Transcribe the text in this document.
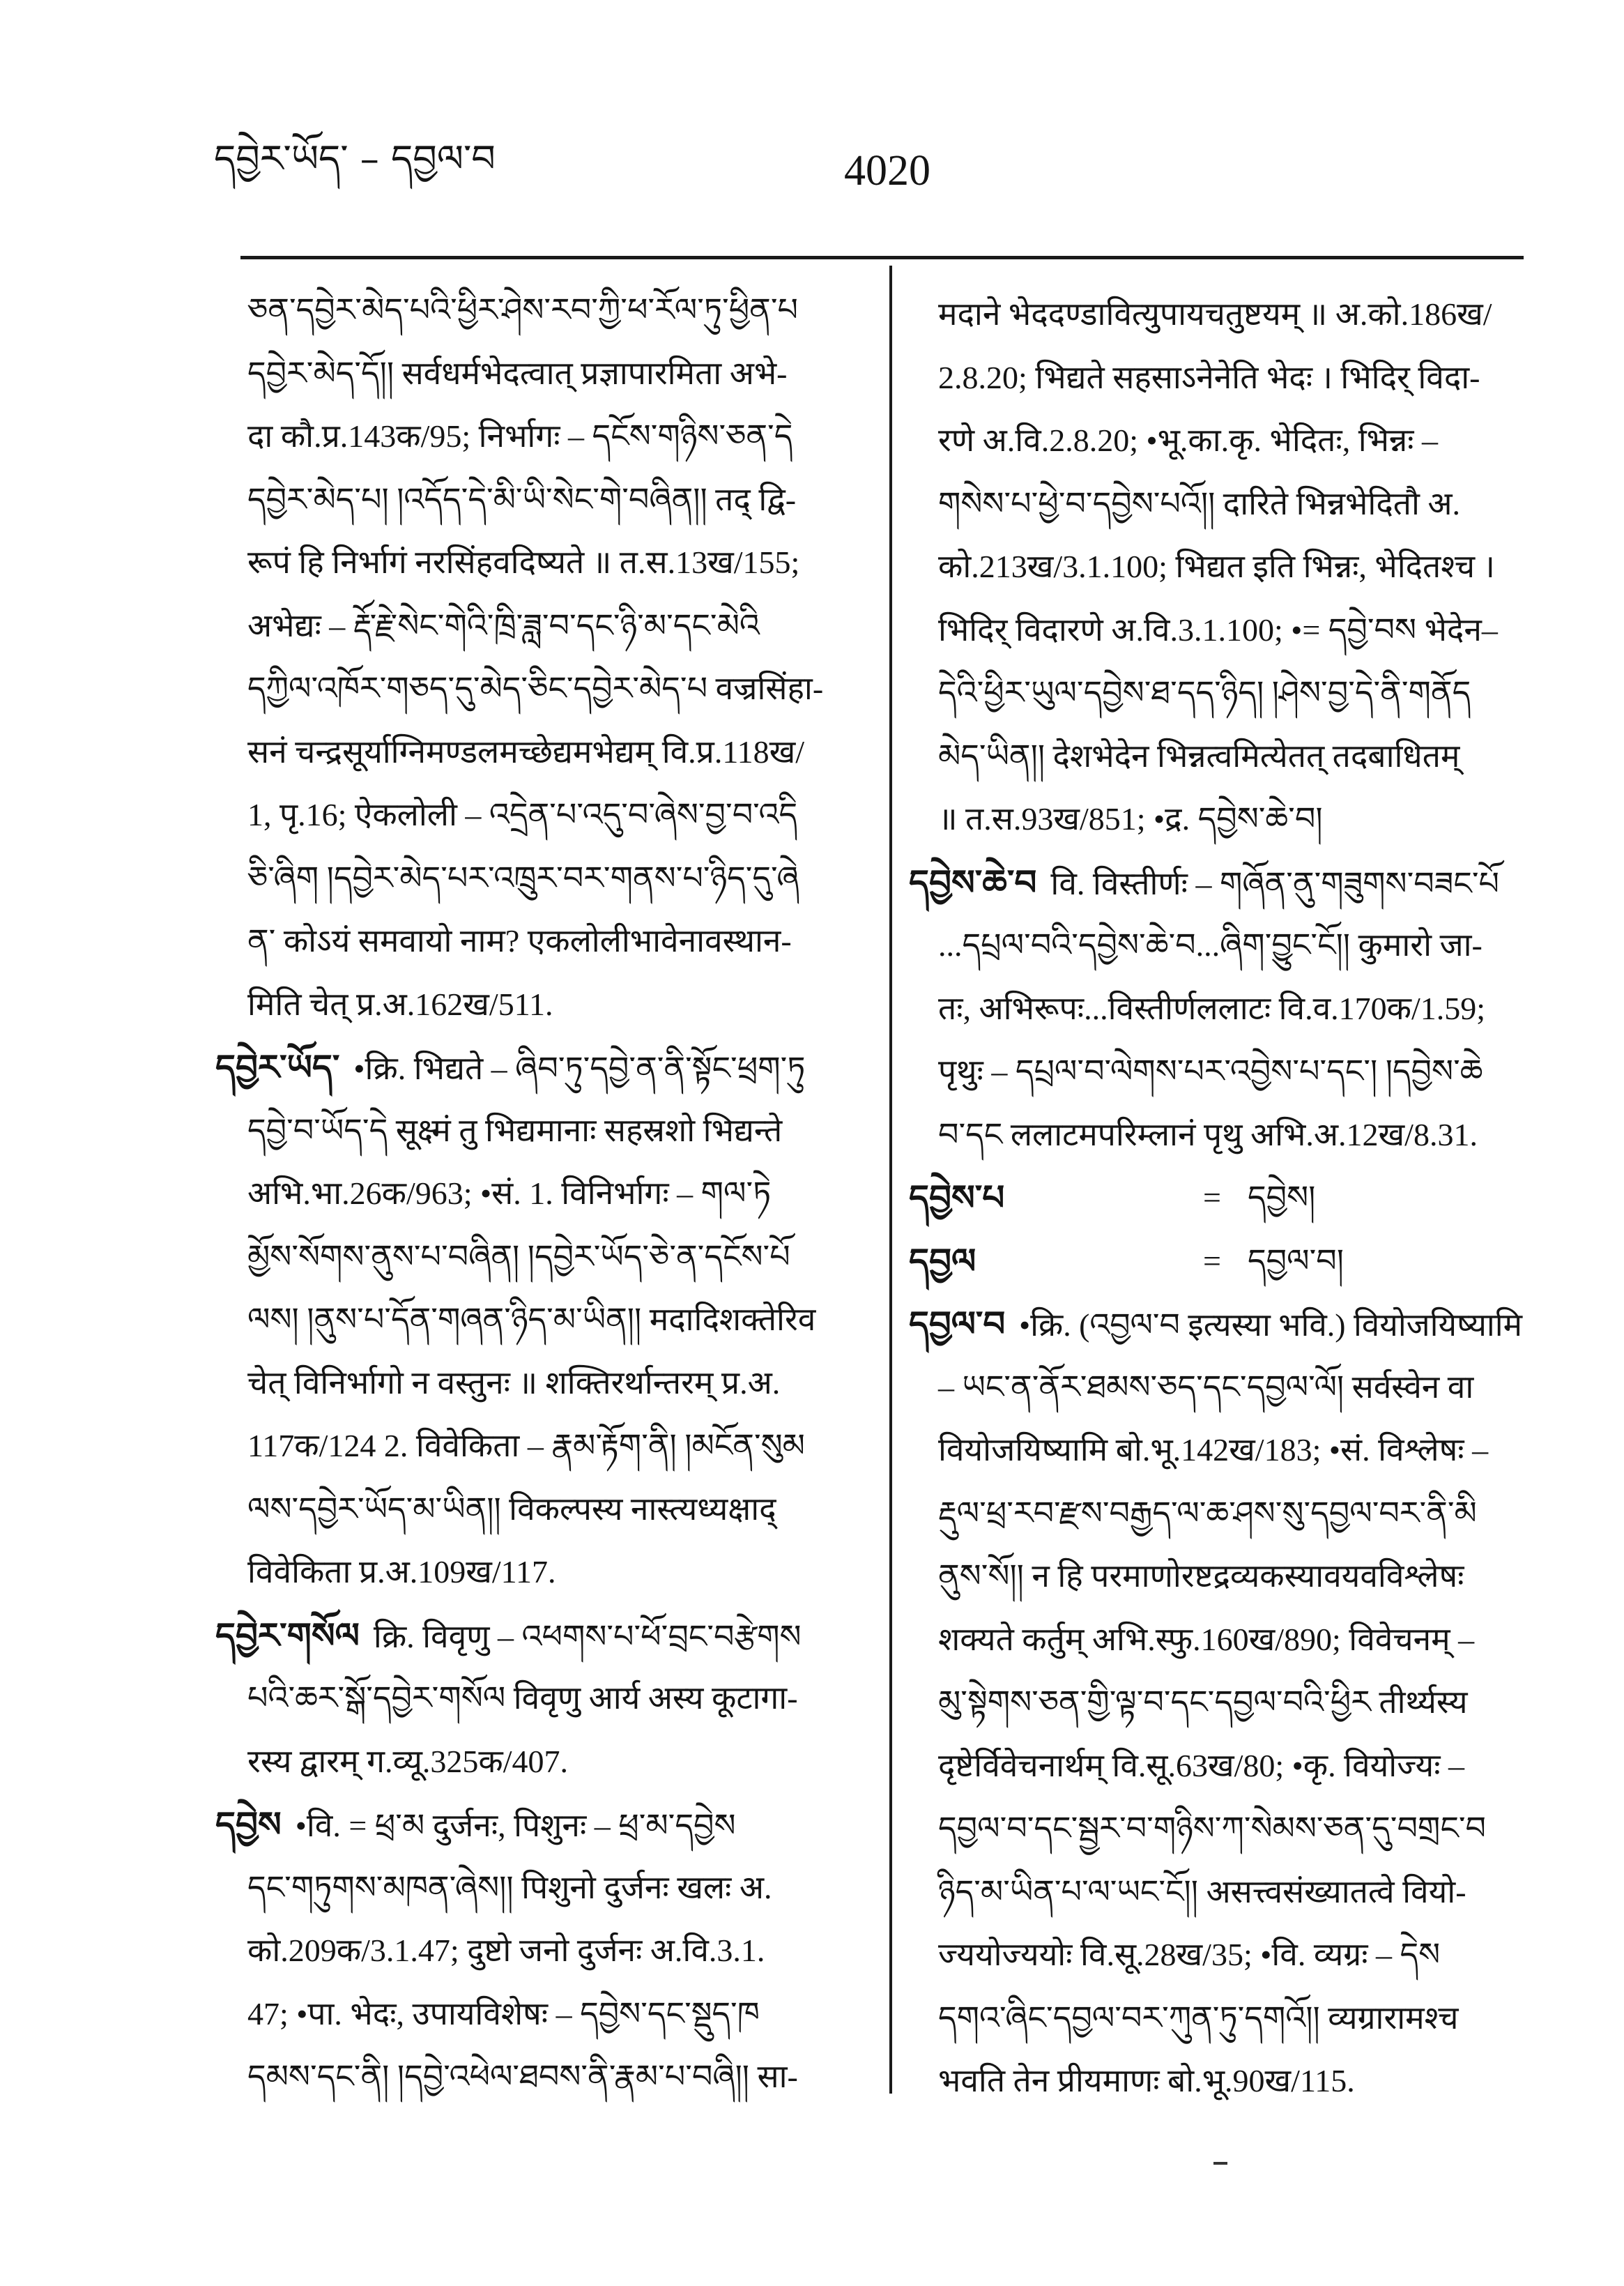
དབྱེར་ཡོད་ – དབྱལ་བ	4020
ཅན་དབྱེར་མེད་པའི་ཕྱིར་ཤེས་རབ་ཀྱི་ཕ་རོལ་ཏུ་ཕྱིན་པ
དབྱེར་མེད་དོ།། सर्वधर्मभेदत्वात् प्रज्ञापारमिता अभे-
दा कौ.प्र.143क/95; निर्भागः – དངོས་གཉིས་ཅན་དེ
དབྱེར་མེད་པ། །འདོད་དེ་མི་ཡི་སེང་གེ་བཞིན།། तद् द्वि-
रूपं हि निर्भागं नरसिंहवदिष्यते ॥ त.स.13ख/155;
अभेद्यः – རྡོ་རྗེ་སེང་གེའི་ཁྲི་ཟླ་བ་དང་ཉི་མ་དང་མེའི
དཀྱིལ་འཁོར་གཅད་དུ་མེད་ཅིང་དབྱེར་མེད་པ वज्रसिंहा-
सनं चन्द्रसूर्याग्निमण्डलमच्छेद्यमभेद्यम् वि.प्र.118ख/
1, पृ.16; ऐकलोली – འདྲེན་པ་འདུ་བ་ཞེས་བྱ་བ་འདི
ཅི་ཞིག །དབྱེར་མེད་པར་འཁྲུར་བར་གནས་པ་ཉིད་དུ་ཞེ
ན་ कोऽयं समवायो नाम? एकलोलीभावेनावस्थान-
मिति चेत् प्र.अ.162ख/511.
དབྱེར་ཡོད་ •क्रि. भिद्यते – ཞིབ་ཏུ་དབྱེ་ན་ནི་སྟོང་ཕྲག་ཏུ
དབྱེ་བ་ཡོད་དེ सूक्ष्मं तु भिद्यमानाः सहस्रशो भिद्यन्ते
अभि.भा.26क/963; •सं. 1. विनिर्भागः – གལ་ཏེ
མྱོས་སོགས་ནུས་པ་བཞིན། །དབྱེར་ཡོད་ཅེ་ན་དངོས་པོ
ལས། །ནུས་པ་དོན་གཞན་ཉིད་མ་ཡིན།། मदादिशक्तेरिव
चेत् विनिर्भागो न वस्तुनः ॥ शक्तिरर्थान्तरम् प्र.अ.
117क/124 2. विवेकिता – རྣམ་རྟོག་ནི། །མངོན་སུམ
ལས་དབྱེར་ཡོད་མ་ཡིན།། विकल्पस्य नास्त्यध्यक्षाद्
विवेकिता प्र.अ.109ख/117.
དབྱེར་གསོལ क्रि. विवृणु – འཕགས་པ་ཕོ་བྲང་བརྩེགས
པའི་ཆར་སྒོ་དབྱེར་གསོལ विवृणु आर्य अस्य कूटागा-
रस्य द्वारम् ग.व्यू.325क/407.
དབྱེས •वि. = ཕྲ་མ दुर्जनः, पिशुनः – ཕྲ་མ་དབྱེས
དང་གཏུགས་མཁན་ཞེས།། पिशुनो दुर्जनः खलः अ.
को.209क/3.1.47; दुष्टो जनो दुर्जनः अ.वि.3.1.
47; •पा. भेदः, उपायविशेषः – དབྱེས་དང་སྡུད་ཁ
དམས་དང་ནི། །དབྱེ་འཕེལ་ཐབས་ནི་རྣམ་པ་བཞི།། सा-
मदाने भेददण्डावित्युपायचतुष्टयम् ॥ अ.को.186ख/
2.8.20; भिद्यते सहसाऽनेनेति भेदः । भिदिर् विदा-
रणे अ.वि.2.8.20; •भू.का.कृ. भेदितः, भिन्नः –
གསེས་པ་ཕྱེ་བ་དབྱེས་པའོ།། दारिते भिन्नभेदितौ अ.
को.213ख/3.1.100; भिद्यत इति भिन्नः, भेदितश्च ।
भिदिर् विदारणे अ.वि.3.1.100; •= དབྱེ་བས भेदेन–
དེའི་ཕྱིར་ཡུལ་དབྱེས་ཐ་དད་ཉིད། །ཤེས་བྱ་དེ་ནི་གནོད
མེད་ཡིན།། देशभेदेन भिन्नत्वमित्येतत् तदबाधितम्
॥ त.स.93ख/851; •द्र. དབྱེས་ཆེ་བ།
དབྱེས་ཆེ་བ वि. विस्तीर्णः – གཞོན་ནུ་གཟུགས་བཟང་པོ
...དཔྲལ་བའི་དབྱེས་ཆེ་བ...ཞིག་བྱུང་ངོ།། कुमारो जा-
तः, अभिरूपः...विस्तीर्णललाटः वि.व.170क/1.59;
पृथुः – དཔྲལ་བ་ལེགས་པར་འབྱེས་པ་དང་། །དབྱེས་ཆེ
བ་དང ललाटमपरिम्लानं पृथु अभि.अ.12ख/8.31.
དབྱེས་པ	= དབྱེས།
དབྱལ	= དབྱལ་བ།
དབྱལ་བ •क्रि. (འབྱལ་བ इत्यस्या भवि.) वियोजयिष्यामि
– ཡང་ན་ནོར་ཐམས་ཅད་དང་དབྱལ་ལོ། सर्वस्वेन वा
वियोजयिष्यामि बो.भू.142ख/183; •सं. विश्लेषः –
རྡུལ་ཕྲ་རབ་རྫས་བརྒྱད་ལ་ཆ་ཤས་སུ་དབྱལ་བར་ནི་མི
ནུས་སོ།། न हि परमाणोरष्टद्रव्यकस्यावयवविश्लेषः
शक्यते कर्तुम् अभि.स्फु.160ख/890; विवेचनम् –
མུ་སྟེགས་ཅན་གྱི་ལྟ་བ་དང་དབྱལ་བའི་ཕྱིར तीर्थ्यस्य
दृष्टेर्विवेचनार्थम् वि.सू.63ख/80; •कृ. वियोज्यः –
དབྱལ་བ་དང་སྦྱར་བ་གཉིས་ཀ་སེམས་ཅན་དུ་བགྲང་བ
ཉིད་མ་ཡིན་པ་ལ་ཡང་ངོ།། असत्त्वसंख्यातत्वे वियो-
ज्ययोज्ययोः वि.सू.28ख/35; •वि. व्यग्रः – དེས
དགའ་ཞིང་དབྱལ་བར་ཀུན་ཏུ་དགའོ།། व्यग्रारामश्च
भवति तेन प्रीयमाणः बो.भू.90ख/115.
